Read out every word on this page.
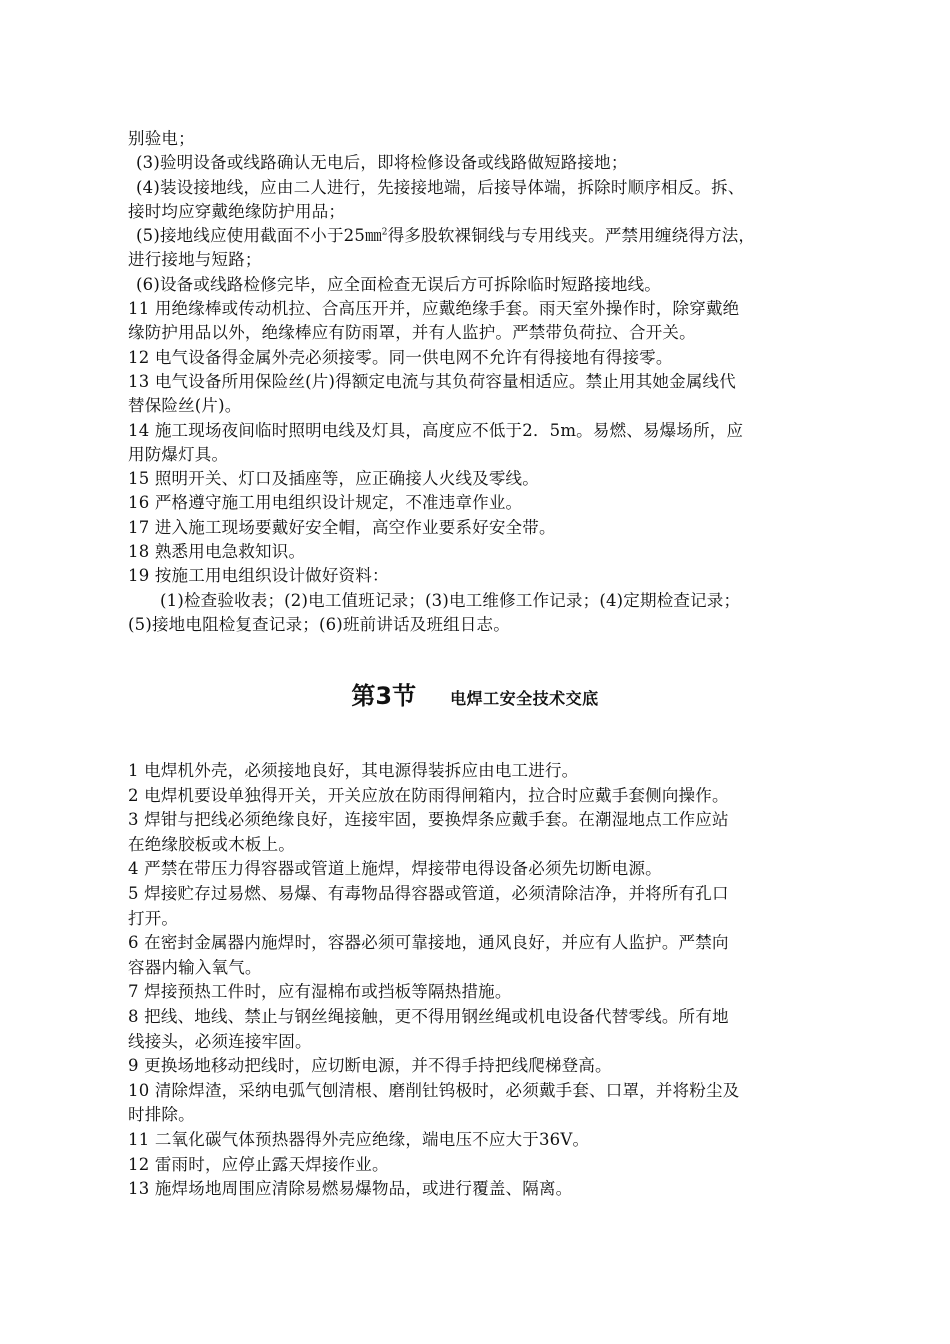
别验电；
(3)验明设备或线路确认无电后，即将检修设备或线路做短路接地；
(4)装设接地线，应由二人进行，先接接地端，后接导体端，拆除时顺序相反。拆、
接时均应穿戴绝缘防护用品；
(5)接地线应使用截面不小于25㎜$^2$得多股软裸铜线与专用线夹。严禁用缠绕得方法，
进行接地与短路；
(6)设备或线路检修完毕，应全面检查无误后方可拆除临时短路接地线。
11 用绝缘棒或传动机拉、合高压开并，应戴绝缘手套。雨天室外操作时，除穿戴绝
缘防护用品以外，绝缘棒应有防雨罩，并有人监护。严禁带负荷拉、合开关。
12 电气设备得金属外壳必须接零。同一供电网不允许有得接地有得接零。
13 电气设备所用保险丝(片)得额定电流与其负荷容量相适应。禁止用其她金属线代
替保险丝(片)。
14 施工现场夜间临时照明电线及灯具，高度应不低于2．5m。易燃、易爆场所，应
用防爆灯具。
15 照明开关、灯口及插座等，应正确接人火线及零线。
16 严格遵守施工用电组织设计规定，不准违章作业。
17 进入施工现场要戴好安全帽，高空作业要系好安全带。
18 熟悉用电急救知识。
19 按施工用电组织设计做好资料：
(1)检查验收表；(2)电工值班记录；(3)电工维修工作记录；(4)定期检查记录；
(5)接地电阻检复查记录；(6)班前讲话及班组日志。
第3节 电焊工安全技术交底
1 电焊机外壳，必须接地良好，其电源得装拆应由电工进行。
2 电焊机要设单独得开关，开关应放在防雨得闸箱内，拉合时应戴手套侧向操作。
3 焊钳与把线必须绝缘良好，连接牢固，要换焊条应戴手套。在潮湿地点工作应站
在绝缘胶板或木板上。
4 严禁在带压力得容器或管道上施焊，焊接带电得设备必须先切断电源。
5 焊接贮存过易燃、易爆、有毒物品得容器或管道，必须清除洁净，并将所有孔口
打开。
6 在密封金属器内施焊时，容器必须可靠接地，通风良好，并应有人监护。严禁向
容器内输入氧气。
7 焊接预热工件时，应有湿棉布或挡板等隔热措施。
8 把线、地线、禁止与钢丝绳接触，更不得用钢丝绳或机电设备代替零线。所有地
线接头，必须连接牢固。
9 更换场地移动把线时，应切断电源，并不得手持把线爬梯登高。
10 清除焊渣，采纳电弧气刨清根、磨削钍钨极时，必须戴手套、口罩，并将粉尘及
时排除。
11 二氧化碳气体预热器得外壳应绝缘，端电压不应大于36V。
12 雷雨时，应停止露天焊接作业。
13 施焊场地周围应清除易燃易爆物品，或进行覆盖、隔离。
